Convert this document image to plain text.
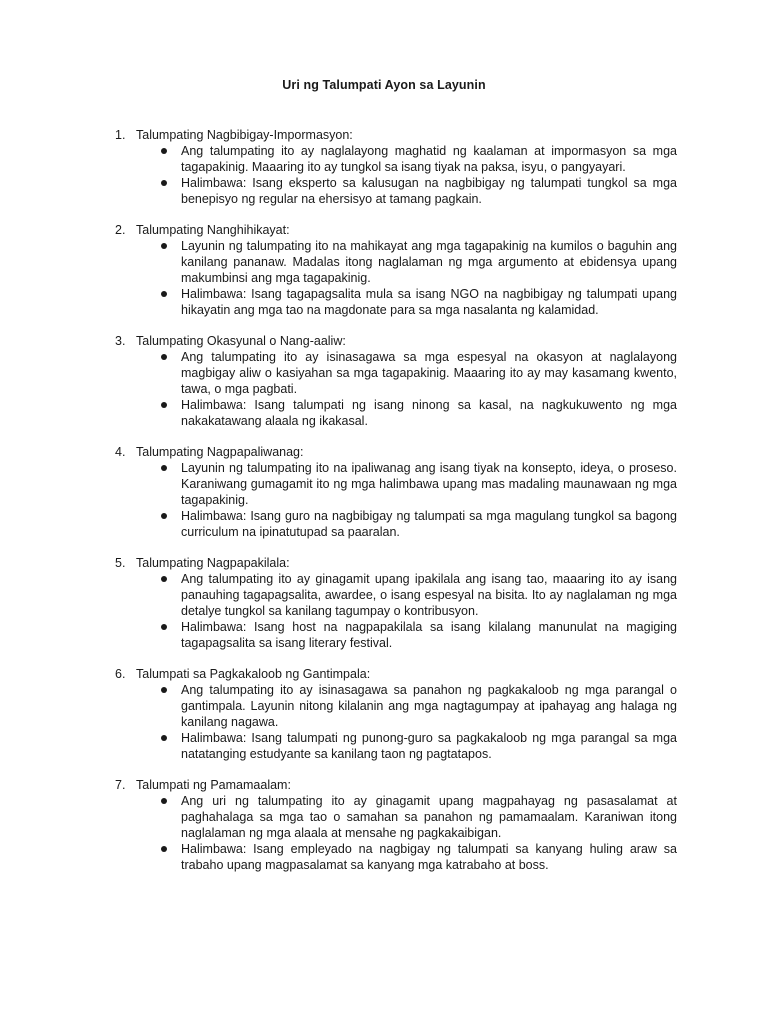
Uri ng Talumpati Ayon sa Layunin
1. Talumpating Nagbibigay-Impormasyon:
Ang talumpating ito ay naglalayong maghatid ng kaalaman at impormasyon sa mga tagapakinig. Maaaring ito ay tungkol sa isang tiyak na paksa, isyu, o pangyayari.
Halimbawa: Isang eksperto sa kalusugan na nagbibigay ng talumpati tungkol sa mga benepisyo ng regular na ehersisyo at tamang pagkain.
2. Talumpating Nanghihikayat:
Layunin ng talumpating ito na mahikayat ang mga tagapakinig na kumilos o baguhin ang kanilang pananaw. Madalas itong naglalaman ng mga argumento at ebidensya upang makumbinsi ang mga tagapakinig.
Halimbawa: Isang tagapagsalita mula sa isang NGO na nagbibigay ng talumpati upang hikayatin ang mga tao na magdonate para sa mga nasalanta ng kalamidad.
3. Talumpating Okasyunal o Nang-aaliw:
Ang talumpating ito ay isinasagawa sa mga espesyal na okasyon at naglalayong magbigay aliw o kasiyahan sa mga tagapakinig. Maaaring ito ay may kasamang kwento, tawa, o mga pagbati.
Halimbawa: Isang talumpati ng isang ninong sa kasal, na nagkukuwento ng mga nakakatawang alaala ng ikakasal.
4. Talumpating Nagpapaliwanag:
Layunin ng talumpating ito na ipaliwanag ang isang tiyak na konsepto, ideya, o proseso. Karaniwang gumagamit ito ng mga halimbawa upang mas madaling maunawaan ng mga tagapakinig.
Halimbawa: Isang guro na nagbibigay ng talumpati sa mga magulang tungkol sa bagong curriculum na ipinatutupad sa paaralan.
5. Talumpating Nagpapakilala:
Ang talumpating ito ay ginagamit upang ipakilala ang isang tao, maaaring ito ay isang panauhing tagapagsalita, awardee, o isang espesyal na bisita. Ito ay naglalaman ng mga detalye tungkol sa kanilang tagumpay o kontribusyon.
Halimbawa: Isang host na nagpapakilala sa isang kilalang manunulat na magiging tagapagsalita sa isang literary festival.
6. Talumpati sa Pagkakaloob ng Gantimpala:
Ang talumpating ito ay isinasagawa sa panahon ng pagkakaloob ng mga parangal o gantimpala. Layunin nitong kilalanin ang mga nagtagumpay at ipahayag ang halaga ng kanilang nagawa.
Halimbawa: Isang talumpati ng punong-guro sa pagkakaloob ng mga parangal sa mga natatanging estudyante sa kanilang taon ng pagtatapos.
7. Talumpati ng Pamamaalam:
Ang uri ng talumpating ito ay ginagamit upang magpahayag ng pasasalamat at paghahalaga sa mga tao o samahan sa panahon ng pamamaalam. Karaniwan itong naglalaman ng mga alaala at mensahe ng pagkakaibigan.
Halimbawa: Isang empleyado na nagbigay ng talumpati sa kanyang huling araw sa trabaho upang magpasalamat sa kanyang mga katrabaho at boss.
